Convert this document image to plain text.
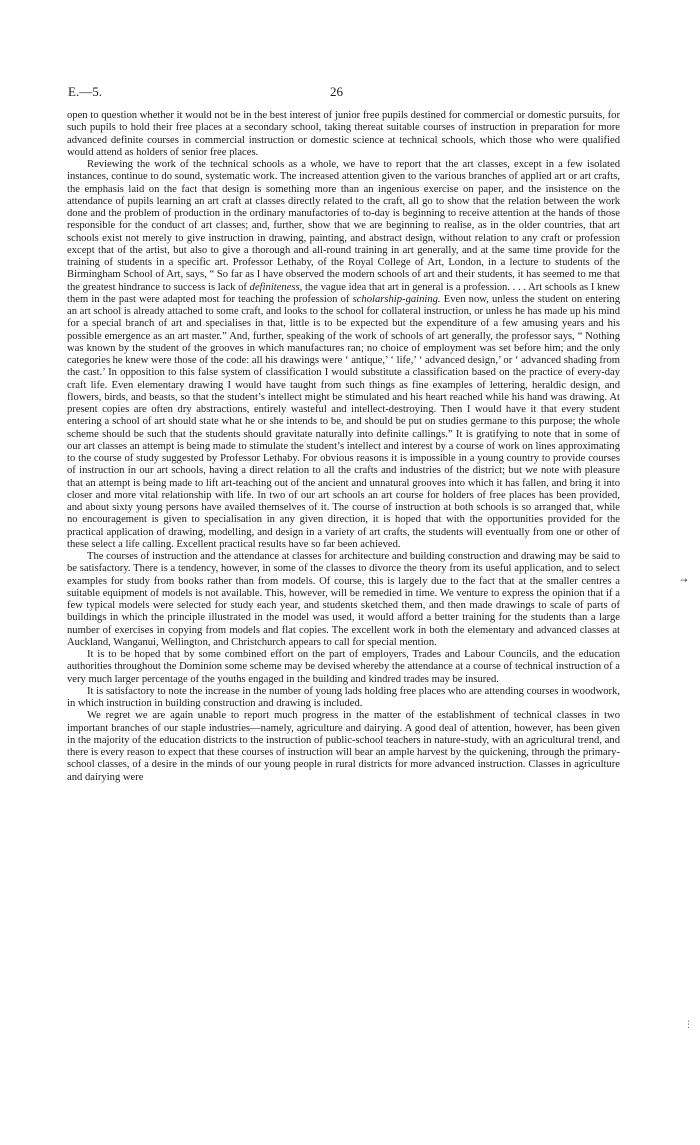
E.—5.	26

open to question whether it would not be in the best interest of junior free pupils destined for commercial or domestic pursuits, for such pupils to hold their free places at a secondary school, taking thereat suitable courses of instruction in preparation for more advanced definite courses in commercial instruction or domestic science at technical schools, which those who were qualified would attend as holders of senior free places.

Reviewing the work of the technical schools as a whole, we have to report that the art classes, except in a few isolated instances, continue to do sound, systematic work. The increased attention given to the various branches of applied art or art crafts, the emphasis laid on the fact that design is something more than an ingenious exercise on paper, and the insistence on the attendance of pupils learning an art craft at classes directly related to the craft, all go to show that the relation between the work done and the problem of production in the ordinary manufactories of to-day is beginning to receive attention at the hands of those responsible for the conduct of art classes; and, further, show that we are beginning to realise, as in the older countries, that art schools exist not merely to give instruction in drawing, painting, and abstract design, without relation to any craft or profession except that of the artist, but also to give a thorough and all-round training in art generally, and at the same time provide for the training of students in a specific art. Professor Lethaby, of the Royal College of Art, London, in a lecture to students of the Birmingham School of Art, says, “ So far as I have observed the modern schools of art and their students, it has seemed to me that the greatest hindrance to success is lack of definiteness, the vague idea that art in general is a profession. . . . Art schools as I knew them in the past were adapted most for teaching the profession of scholarship-gaining. Even now, unless the student on entering an art school is already attached to some craft, and looks to the school for collateral instruction, or unless he has made up his mind for a special branch of art and specialises in that, little is to be expected but the expenditure of a few amusing years and his possible emergence as an art master.” And, further, speaking of the work of schools of art generally, the professor says, “ Nothing was known by the student of the grooves in which manufactures ran; no choice of employment was set before him; and the only categories he knew were those of the code: all his drawings were ‘ antique,’ ‘ life,’ ‘ advanced design,’ or ‘ advanced shading from the cast.’ In opposition to this false system of classification I would substitute a classification based on the practice of every-day craft life. Even elementary drawing I would have taught from such things as fine examples of lettering, heraldic design, and flowers, birds, and beasts, so that the student’s intellect might be stimulated and his heart reached while his hand was drawing. At present copies are often dry abstractions, entirely wasteful and intellect-destroying. Then I would have it that every student entering a school of art should state what he or she intends to be, and should be put on studies germane to this purpose; the whole scheme should be such that the students should gravitate naturally into definite callings.” It is gratifying to note that in some of our art classes an attempt is being made to stimulate the student’s intellect and interest by a course of work on lines approximating to the course of study suggested by Professor Lethaby. For obvious reasons it is impossible in a young country to provide courses of instruction in our art schools, having a direct relation to all the crafts and industries of the district; but we note with pleasure that an attempt is being made to lift art-teaching out of the ancient and unnatural grooves into which it has fallen, and bring it into closer and more vital relationship with life. In two of our art schools an art course for holders of free places has been provided, and about sixty young persons have availed themselves of it. The course of instruction at both schools is so arranged that, while no encouragement is given to specialisation in any given direction, it is hoped that with the opportunities provided for the practical application of drawing, modelling, and design in a variety of art crafts, the students will eventually from one or other of these select a life calling. Excellent practical results have so far been achieved.

The courses of instruction and the attendance at classes for architecture and building construction and drawing may be said to be satisfactory. There is a tendency, however, in some of the classes to divorce the theory from its useful application, and to select examples for study from books rather than from models. Of course, this is largely due to the fact that at the smaller centres a suitable equipment of models is not available. This, however, will be remedied in time. We venture to express the opinion that if a few typical models were selected for study each year, and students sketched them, and then made drawings to scale of parts of buildings in which the principle illustrated in the model was used, it would afford a better training for the students than a large number of exercises in copying from models and flat copies. The excellent work in both the elementary and advanced classes at Auckland, Wanganui, Wellington, and Christchurch appears to call for special mention.

It is to be hoped that by some combined effort on the part of employers, Trades and Labour Councils, and the education authorities throughout the Dominion some scheme may be devised whereby the attendance at a course of technical instruction of a very much larger percentage of the youths engaged in the building and kindred trades may be insured.

It is satisfactory to note the increase in the number of young lads holding free places who are attending courses in woodwork, in which instruction in building construction and drawing is included.

We regret we are again unable to report much progress in the matter of the establishment of technical classes in two important branches of our staple industries—namely, agriculture and dairying. A good deal of attention, however, has been given in the majority of the education districts to the instruction of public-school teachers in nature-study, with an agricultural trend, and there is every reason to expect that these courses of instruction will bear an ample harvest by the quickening, through the primary-school classes, of a desire in the minds of our young people in rural districts for more advanced instruction. Classes in agriculture and dairying were

→
⋮
